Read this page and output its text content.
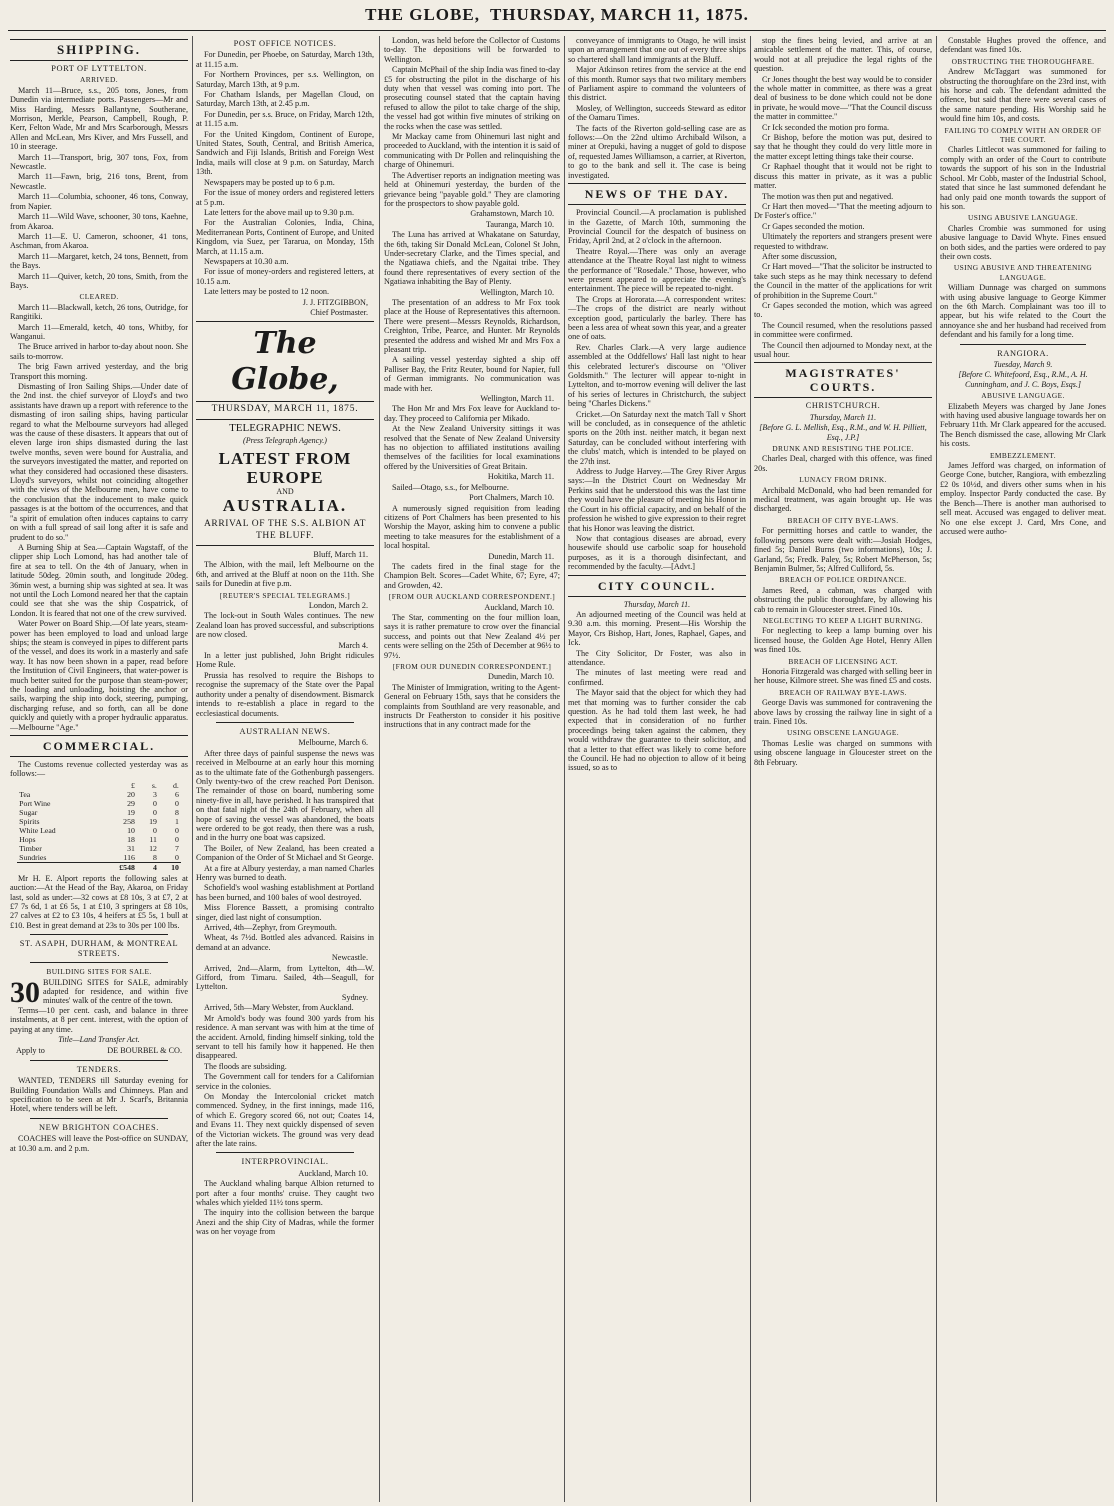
THE GLOBE, THURSDAY, MARCH 11, 1875.
SHIPPING.
PORT OF LYTTELTON.
ARRIVED.

March 11—Bruce, s.s., 205 tons, Jones, from Dunedin via intermediate ports. Passengers—Mr and Miss Harding, Messrs Ballantyne, Southerane, Morrison, Merkle, Pearson, Campbell, Rough, P. Kerr, Felton Wade, Mr and Mrs Scarborough, Messrs Allen and McLean, Mrs Kiver, and Mrs Fussell, and 10 in steerage.

March 11—Transport, brig, 307 tons, Fox, from Newcastle.

March 11—Fawn, brig, 216 tons, Brent, from Newcastle.

March 11—Columbia, schooner, 46 tons, Conway, from Napier.

March 11—Wild Wave, schooner, 30 tons, Kaehne, from Akaroa.

March 11—E. U. Cameron, schooner, 41 tons, Aschman, from Akaroa.

March 11—Margaret, ketch, 24 tons, Bennett, from the Bays.

March 11—Quiver, ketch, 20 tons, Smith, from the Bays.

CLEARED.

March 11—Blackwall, ketch, 26 tons, Outridge, for Rangitiki.

March 11—Emerald, ketch, 40 tons, Whitby, for Wanganui.

The Bruce arrived in harbor to-day about noon. She sails to-morrow.

The brig Fawn arrived yesterday, and the brig Transport this morning.

Dismasting of Iron Sailing Ships.—Under date of the 2nd inst. the chief surveyor of Lloyd's and two assistants have drawn up a report with reference to the dismasting of iron sailing ships, having particular regard to what the Melbourne surveyors had alleged was the cause of these disasters. It appears that out of eleven large iron ships dismasted during the last twelve months, seven were bound for Australia, and the surveyors investigated the matter, and reported on what they considered had occasioned these disasters. Lloyd's surveyors, whilst not coinciding altogether with the views of the Melbourne men, have come to the conclusion that the inducement to make quick passages is at the bottom of the occurrences, and that "a spirit of emulation often induces captains to carry on with a full spread of sail long after it is safe and prudent to do so."

A Burning Ship at Sea.—Captain Wagstaff, of the clipper ship Loch Lomond, has had another tale of fire at sea to tell. On the 4th of January, when in latitude 50deg. 20min south, and longitude 20deg. 36min west, a burning ship was sighted at sea. It was not until the Loch Lomond neared her that the captain could see that she was the ship Cospatrick, of London. It is feared that not one of the crew survived.

Water Power on Board Ship.—Of late years, steam-power has been employed to load and unload large ships; the steam is conveyed in pipes to different parts of the vessel, and does its work in a masterly and safe way. It has now been shown in a paper, read before the Institution of Civil Engineers, that water-power is much better suited for the purpose than steam-power; the loading and unloading, hoisting the anchor or sails, warping the ship into dock, steering, pumping, discharging refuse, and so forth, can all be done quickly and quietly with a proper hydraulic apparatus.—Melbourne "Age."

COMMERCIAL.

The Customs revenue collected yesterday was as follows:—

	£	s.	d.
Tea	20	3	6
Port Wine	29	0	0
Sugar	19	0	8
Spirits	258	19	1
White Lead	10	0	0
Hops	18	11	0
Timber	31	12	7
Sundries	116	8	0
	£548	4	10

Mr H. E. Alport reports the following sales at auction:—At the Head of the Bay, Akaroa, on Friday last, sold as under:—32 cows at £8 10s, 3 at £7, 2 at £7 7s 6d, 1 at £6 5s, 1 at £10, 3 springers at £8 10s, 27 calves at £2 to £3 10s, 4 heifers at £5 5s, 1 bull at £10. Best in great demand at 23s to 30s per 100 lbs.

ST. ASAPH, DURHAM, & MONTREAL STREETS.
BUILDING SITES FOR SALE.
30 BUILDING SITES for SALE, admirably adapted for residence, and within five minutes' walk of the centre of the town.

Terms—10 per cent. cash, and balance in three instalments, at 8 per cent. interest, with the option of paying at any time.

Title—Land Transfer Act.
Apply to	DE BOURBEL & CO.
TENDERS.

WANTED, TENDERS till Saturday evening for Building Foundation Walls and Chimneys. Plan and specification to be seen at Mr J. Scarf's, Britannia Hotel, where tenders will be left.

NEW BRIGHTON COACHES.

COACHES will leave the Post-office on SUNDAY, at 10.30 a.m. and 2 p.m.

POST OFFICE NOTICES.

For Dunedin, per Phoebe, on Saturday, March 13th, at 11.15 a.m.

For Northern Provinces, per s.s. Wellington, on Saturday, March 13th, at 9 p.m.

For Chatham Islands, per Magellan Cloud, on Saturday, March 13th, at 2.45 p.m.

For Dunedin, per s.s. Bruce, on Friday, March 12th, at 11.15 a.m.

For the United Kingdom, Continent of Europe, United States, South, Central, and British America, Sandwich and Fiji Islands, British and Foreign West India, mails will close at 9 p.m. on Saturday, March 13th.

Newspapers may be posted up to 6 p.m.

For the issue of money orders and registered letters at 5 p.m.

Late letters for the above mail up to 9.30 p.m.

For the Australian Colonies, India, China, Mediterranean Ports, Continent of Europe, and United Kingdom, via Suez, per Tararua, on Monday, 15th March, at 11.15 a.m.

Newspapers at 10.30 a.m.

For issue of money-orders and registered letters, at 10.15 a.m.

Late letters may be posted to 12 noon.

J. J. FITZGIBBON,
Chief Postmaster.
The Globe,
THURSDAY, MARCH 11, 1875.
TELEGRAPHIC NEWS.
(Press Telegraph Agency.)
LATEST FROM EUROPE
AND
AUSTRALIA.
ARRIVAL OF THE S.S. ALBION AT THE BLUFF.
Bluff, March 11.

The Albion, with the mail, left Melbourne on the 6th, and arrived at the Bluff at noon on the 11th. She sails for Dunedin at five p.m.

[REUTER'S SPECIAL TELEGRAMS.]
London, March 2.

The lock-out in South Wales continues. The new Zealand loan has proved successful, and subscriptions are now closed.

March 4.

In a letter just published, John Bright ridicules Home Rule.

Prussia has resolved to require the Bishops to recognise the supremacy of the State over the Papal authority under a penalty of disendowment. Bismarck intends to re-establish a place in regard to the ecclesiastical documents.

AUSTRALIAN NEWS.
Melbourne, March 6.

After three days of painful suspense the news was received in Melbourne at an early hour this morning as to the ultimate fate of the Gothenburgh passengers. Only twenty-two of the crew reached Port Denison. The remainder of those on board, numbering some ninety-five in all, have perished. It has transpired that on that fatal night of the 24th of February, when all hope of saving the vessel was abandoned, the boats were ordered to be got ready, then there was a rush, and in the hurry one boat was capsized.

The Boiler, of New Zealand, has been created a Companion of the Order of St Michael and St George.

At a fire at Albury yesterday, a man named Charles Henry was burned to death.

Schofield's wool washing establishment at Portland has been burned, and 100 bales of wool destroyed.

Miss Florence Bassett, a promising contralto singer, died last night of consumption.

Arrived, 4th—Zephyr, from Greymouth.

Wheat, 4s 7½d. Bottled ales advanced. Raisins in demand at an advance.

Newcastle.

Arrived, 2nd—Alarm, from Lyttelton, 4th—W. Gifford, from Timaru. Sailed, 4th—Seagull, for Lyttelton.

Sydney.

Arrived, 5th—Mary Webster, from Auckland.

Mr Arnold's body was found 300 yards from his residence. A man servant was with him at the time of the accident. Arnold, finding himself sinking, told the servant to tell his family how it happened. He then disappeared.

The floods are subsiding.

The Government call for tenders for a Californian service in the colonies.

On Monday the Intercolonial cricket match commenced. Sydney, in the first innings, made 116, of which E. Gregory scored 66, not out; Coates 14, and Evans 11. They next quickly dispensed of seven of the Victorian wickets. The ground was very dead after the late rains.

INTERPROVINCIAL.
Auckland, March 10.

The Auckland whaling barque Albion returned to port after a four months' cruise. They caught two whales which yielded 11½ tons sperm.

The inquiry into the collision between the barque Anezi and the ship City of Madras, while the former was on her voyage from

London, was held before the Collector of Customs to-day. The depositions will be forwarded to Wellington.

Captain McPhail of the ship India was fined to-day £5 for obstructing the pilot in the discharge of his duty when that vessel was coming into port. The prosecuting counsel stated that the captain having refused to allow the pilot to take charge of the ship, the vessel had got within five minutes of striking on the rocks when the case was settled.

Mr Mackay came from Ohinemuri last night and proceeded to Auckland, with the intention it is said of communicating with Dr Pollen and relinquishing the charge of Ohinemuri.

The Advertiser reports an indignation meeting was held at Ohinemuri yesterday, the burden of the grievance being "payable gold." They are clamoring for the prospectors to show payable gold.

Grahamstown, March 10.
Tauranga, March 10.

The Luna has arrived at Whakatane on Saturday, the 6th, taking Sir Donald McLean, Colonel St John, Under-secretary Clarke, and the Times special, and the Ngatiawa chiefs, and the Ngaitai tribe. They found there representatives of every section of the Ngatiawa inhabiting the Bay of Plenty.

Wellington, March 10.

The presentation of an address to Mr Fox took place at the House of Representatives this afternoon. There were present—Messrs Reynolds, Richardson, Creighton, Tribe, Pearce, and Hunter. Mr Reynolds presented the address and wished Mr and Mrs Fox a pleasant trip.

A sailing vessel yesterday sighted a ship off Palliser Bay, the Fritz Reuter, bound for Napier, full of German immigrants. No communication was made with her.

Wellington, March 11.

The Hon Mr and Mrs Fox leave for Auckland to-day. They proceed to California per Mikado.

At the New Zealand University sittings it was resolved that the Senate of New Zealand University has no objection to affiliated institutions availing themselves of the facilities for local examinations offered by the Universities of Great Britain.

Hokitika, March 11.

Sailed—Otago, s.s., for Melbourne.

Port Chalmers, March 10.

A numerously signed requisition from leading citizens of Port Chalmers has been presented to his Worship the Mayor, asking him to convene a public meeting to take measures for the establishment of a local hospital.

Dunedin, March 11.

The cadets fired in the final stage for the Champion Belt. Scores—Cadet White, 67; Eyre, 47; and Growden, 42.

[FROM OUR AUCKLAND CORRESPONDENT.]
Auckland, March 10.

The Star, commenting on the four million loan, says it is rather premature to crow over the financial success, and points out that New Zealand 4½ per cents were selling on the 25th of December at 96½ to 97½.

[FROM OUR DUNEDIN CORRESPONDENT.]
Dunedin, March 10.

The Minister of Immigration, writing to the Agent-General on February 15th, says that he considers the complaints from Southland are very reasonable, and instructs Dr Featherston to consider it his positive instructions that in any contract made for the

conveyance of immigrants to Otago, he will insist upon an arrangement that one out of every three ships so chartered shall land immigrants at the Bluff.

Major Atkinson retires from the service at the end of this month. Rumor says that two military members of Parliament aspire to command the volunteers of this district.

Mosley, of Wellington, succeeds Steward as editor of the Oamaru Times.

The facts of the Riverton gold-selling case are as follows:—On the 22nd ultimo Archibald Wilson, a miner at Orepuki, having a nugget of gold to dispose of, requested James Williamson, a carrier, at Riverton, to go to the bank and sell it. The case is being investigated.

NEWS OF THE DAY.

Provincial Council.—A proclamation is published in the Gazette, of March 10th, summoning the Provincial Council for the despatch of business on Friday, April 2nd, at 2 o'clock in the afternoon.

Theatre Royal.—There was only an average attendance at the Theatre Royal last night to witness the performance of "Rosedale." Those, however, who were present appeared to appreciate the evening's entertainment. The piece will be repeated to-night.

The Crops at Hororata.—A correspondent writes:—The crops of the district are nearly without exception good, particularly the barley. There has been a less area of wheat sown this year, and a greater one of oats.

Rev. Charles Clark.—A very large audience assembled at the Oddfellows' Hall last night to hear this celebrated lecturer's discourse on "Oliver Goldsmith." The lecturer will appear to-night in Lyttelton, and to-morrow evening will deliver the last of his series of lectures in Christchurch, the subject being "Charles Dickens."

Cricket.—On Saturday next the match Tall v Short will be concluded, as in consequence of the athletic sports on the 20th inst. neither match, it began next Saturday, can be concluded without interfering with the clubs' match, which is intended to be played on the 27th inst.

Address to Judge Harvey.—The Grey River Argus says:—In the District Court on Wednesday Mr Perkins said that he understood this was the last time they would have the pleasure of meeting his Honor in the Court in his official capacity, and on behalf of the profession he wished to give expression to their regret that his Honor was leaving the district.

Now that contagious diseases are abroad, every housewife should use carbolic soap for household purposes, as it is a thorough disinfectant, and recommended by the faculty.—[Advt.]

CITY COUNCIL.
Thursday, March 11.

An adjourned meeting of the Council was held at 9.30 a.m. this morning. Present—His Worship the Mayor, Crs Bishop, Hart, Jones, Raphael, Gapes, and Ick.

The City Solicitor, Dr Foster, was also in attendance.

The minutes of last meeting were read and confirmed.

The Mayor said that the object for which they had met that morning was to further consider the cab question. As he had told them last week, he had expected that in consideration of no further proceedings being taken against the cabmen, they would withdraw the guarantee to their solicitor, and that a letter to that effect was likely to come before the Council. He had no objection to allow of it being issued, so as to

stop the fines being levied, and arrive at an amicable settlement of the matter. This, of course, would not at all prejudice the legal rights of the question.

Cr Jones thought the best way would be to consider the whole matter in committee, as there was a great deal of business to be done which could not be done in private, he would move—"That the Council discuss the matter in committee."

Cr Ick seconded the motion pro forma.

Cr Bishop, before the motion was put, desired to say that he thought they could do very little more in the matter except letting things take their course.

Cr Raphael thought that it would not be right to discuss this matter in private, as it was a public matter.

The motion was then put and negatived.

Cr Hart then moved—"That the meeting adjourn to Dr Foster's office."

Cr Gapes seconded the motion.

Ultimately the reporters and strangers present were requested to withdraw.

After some discussion,

Cr Hart moved—"That the solicitor be instructed to take such steps as he may think necessary to defend the Council in the matter of the applications for writ of prohibition in the Supreme Court."

Cr Gapes seconded the motion, which was agreed to.

The Council resumed, when the resolutions passed in committee were confirmed.

The Council then adjourned to Monday next, at the usual hour.

MAGISTRATES' COURTS.
CHRISTCHURCH.
Thursday, March 11.
[Before G. L. Mellish, Esq., R.M., and W. H. Pilliett, Esq., J.P.]
DRUNK AND RESISTING THE POLICE.

Charles Deal, charged with this offence, was fined 20s.

LUNACY FROM DRINK.

Archibald McDonald, who had been remanded for medical treatment, was again brought up. He was discharged.

BREACH OF CITY BYE-LAWS.

For permitting horses and cattle to wander, the following persons were dealt with:—Josiah Hodges, fined 5s; Daniel Burns (two informations), 10s; J. Garland, 5s; Fredk. Paley, 5s; Robert McPherson, 5s; Benjamin Bulmer, 5s; Alfred Culliford, 5s.

BREACH OF POLICE ORDINANCE.

James Reed, a cabman, was charged with obstructing the public thoroughfare, by allowing his cab to remain in Gloucester street. Fined 10s.

NEGLECTING TO KEEP A LIGHT BURNING.

For neglecting to keep a lamp burning over his licensed house, the Golden Age Hotel, Henry Allen was fined 10s.

BREACH OF LICENSING ACT.

Honoria Fitzgerald was charged with selling beer in her house, Kilmore street. She was fined £5 and costs.

BREACH OF RAILWAY BYE-LAWS.

George Davis was summoned for contravening the above laws by crossing the railway line in sight of a train. Fined 10s.

USING OBSCENE LANGUAGE.

Thomas Leslie was charged on summons with using obscene language in Gloucester street on the 8th February.

Constable Hughes proved the offence, and defendant was fined 10s.

OBSTRUCTING THE THOROUGHFARE.

Andrew McTaggart was summoned for obstructing the thoroughfare on the 23rd inst, with his horse and cab. The defendant admitted the offence, but said that there were several cases of the same nature pending. His Worship said he would fine him 10s, and costs.

FAILING TO COMPLY WITH AN ORDER OF THE COURT.

Charles Littlecot was summoned for failing to comply with an order of the Court to contribute towards the support of his son in the Industrial School. Mr Cobb, master of the Industrial School, stated that since he last summoned defendant he had only paid one month towards the support of his son.

USING ABUSIVE LANGUAGE.

Charles Crombie was summoned for using abusive language to David Whyte. Fines ensued on both sides, and the parties were ordered to pay their own costs.

USING ABUSIVE AND THREATENING LANGUAGE.

William Dunnage was charged on summons with using abusive language to George Kimmer on the 6th March. Complainant was too ill to appear, but his wife related to the Court the annoyance she and her husband had received from defendant and his family for a long time.

RANGIORA.
Tuesday, March 9.
[Before C. Whitefoord, Esq., R.M., A. H. Cunningham, and J. C. Boys, Esqs.]
ABUSIVE LANGUAGE.

Elizabeth Meyers was charged by Jane Jones with having used abusive language towards her on February 11th. Mr Clark appeared for the accused. The Bench dismissed the case, allowing Mr Clark his costs.

EMBEZZLEMENT.

James Jefford was charged, on information of George Cone, butcher, Rangiora, with embezzling £2 0s 10½d, and divers other sums when in his employ. Inspector Pardy conducted the case. By the Bench—There is another man authorised to sell meat. Accused was engaged to deliver meat. No one else except J. Card, Mrs Cone, and accused were autho-
